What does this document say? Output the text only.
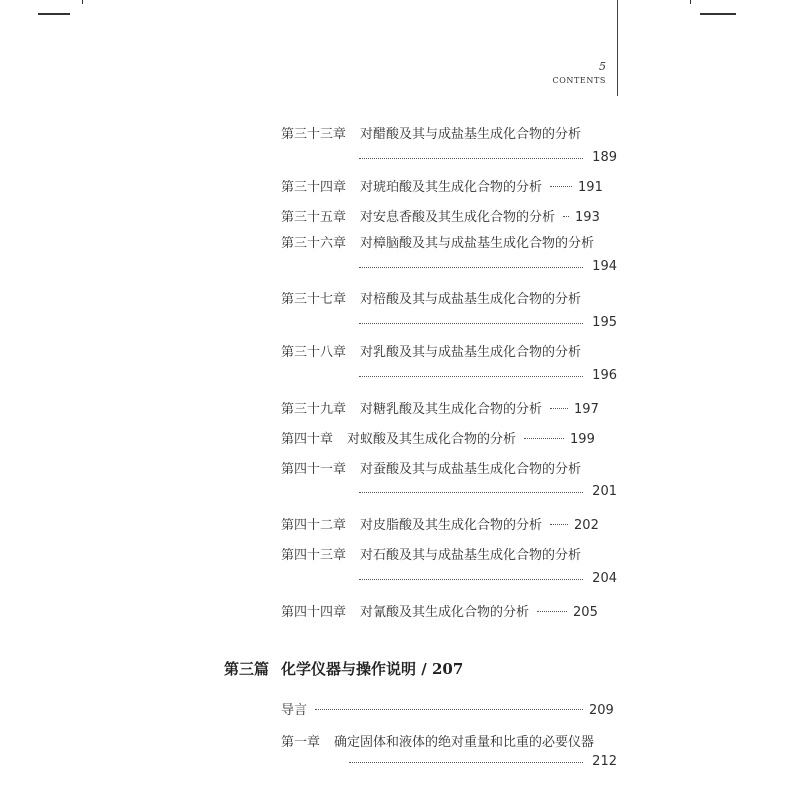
5
CONTENTS
第三十三章 对醋酸及其与成盐基生成化合物的分析
189
第三十四章 对琥珀酸及其生成化合物的分析	191
第三十五章 对安息香酸及其生成化合物的分析 193
第三十六章 对樟脑酸及其与成盐基生成化合物的分析
194
第三十七章 对棓酸及其与成盐基生成化合物的分析
195
第三十八章 对乳酸及其与成盐基生成化合物的分析
196
第三十九章 对糖乳酸及其生成化合物的分析 197
第四十章 对蚁酸及其生成化合物的分析	199
第四十一章 对蚕酸及其与成盐基生成化合物的分析
201
第四十二章 对皮脂酸及其生成化合物的分析 202
第四十三章 对石酸及其与成盐基生成化合物的分析
204
第四十四章 对氰酸及其生成化合物的分析	205
第三篇 化学仪器与操作说明 / 207
导言	209
第一章 确定固体和液体的绝对重量和比重的必要仪器
212
